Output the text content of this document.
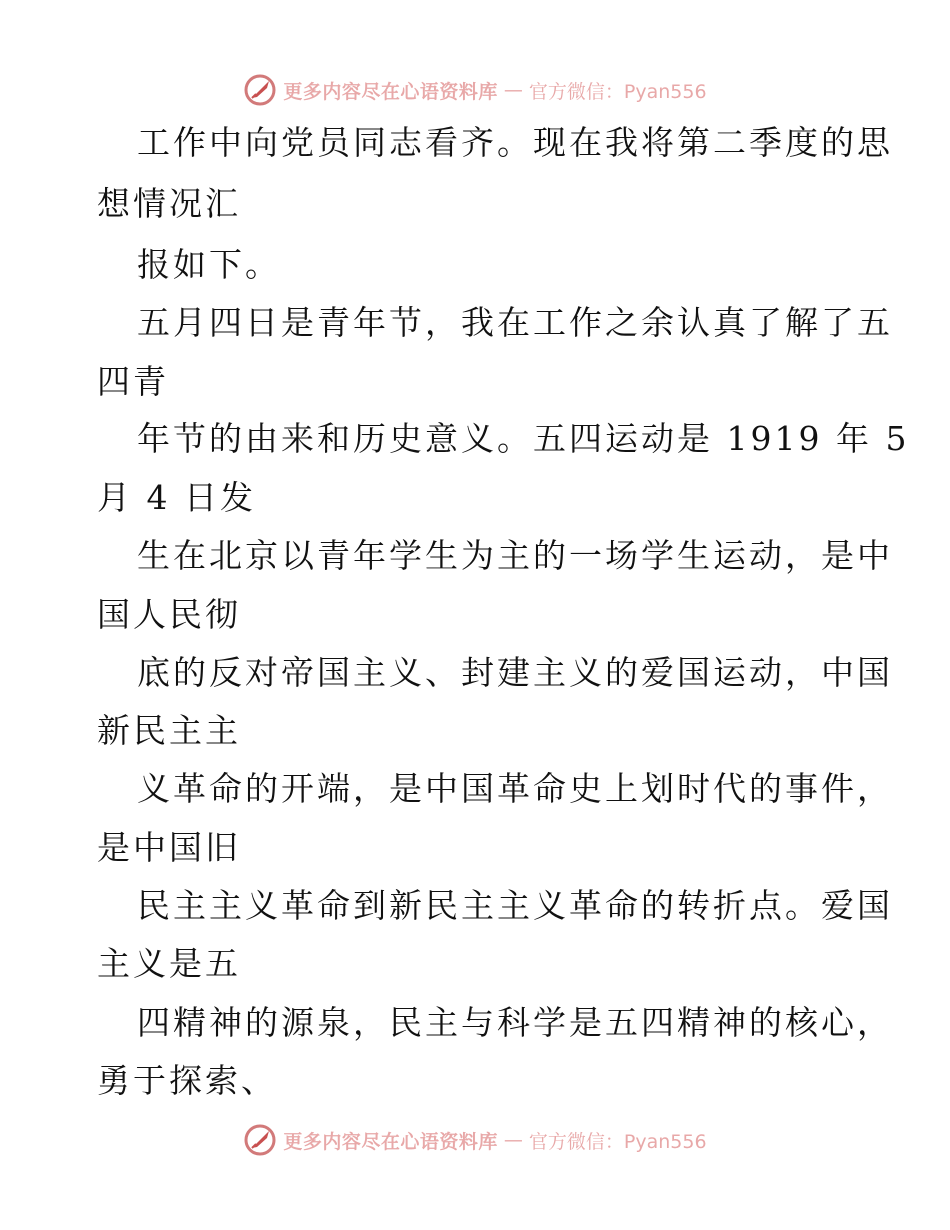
更多内容尽在心语资料库 — 官方微信：Pyan556
工作中向党员同志看齐。现在我将第二季度的思
想情况汇
报如下。
五月四日是青年节，我在工作之余认真了解了五
四青
年节的由来和历史意义。五四运动是 1919 年 5
月 4 日发
生在北京以青年学生为主的一场学生运动，是中
国人民彻
底的反对帝国主义、封建主义的爱国运动，中国
新民主主
义革命的开端，是中国革命史上划时代的事件，
是中国旧
民主主义革命到新民主主义革命的转折点。爱国
主义是五
四精神的源泉，民主与科学是五四精神的核心，
勇于探索、
更多内容尽在心语资料库 — 官方微信：Pyan556
